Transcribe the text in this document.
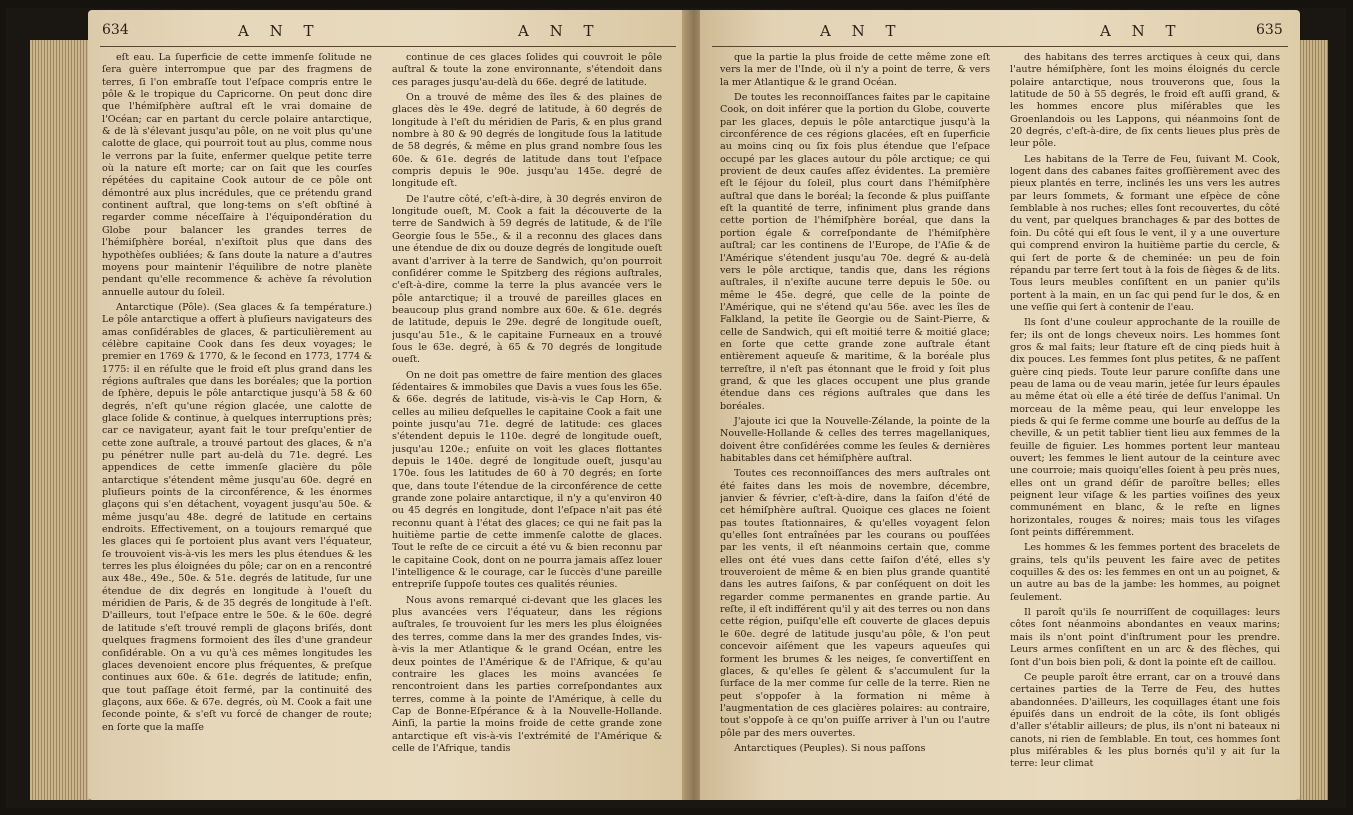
634	A N T	A N T

eſt eau. La ſuperficie de cette immenſe ſolitude ne ſera guère interrompue que par des fragmens de terres, ſi l'on embraſſe tout l'eſpace compris entre le pôle & le tropique du Capricorne. On peut donc dire que l'hémiſphère auſtral eſt le vrai domaine de l'Océan; car en partant du cercle polaire antarctique, & de là s'élevant jusqu'au pôle, on ne voit plus qu'une calotte de glace, qui pourroit tout au plus, comme nous le verrons par la ſuite, enfermer quelque petite terre où la nature eſt morte; car on ſait que les courſes répétées du capitaine Cook autour de ce pôle ont démontré aux plus incrédules, que ce prétendu grand continent auſtral, que long-tems on s'eſt obſtiné à regarder comme néceſſaire à l'équipondération du Globe pour balancer les grandes terres de l'hémiſphère boréal, n'exiſtoit plus que dans des hypothèſes oubliées; & ſans doute la nature a d'autres moyens pour maintenir l'équilibre de notre planète pendant qu'elle recommence & achève ſa révolution annuelle autour du ſoleil.

Antarctique (Pôle). (Sea glaces & ſa température.) Le pôle antarctique a offert à pluſieurs navigateurs des amas conſidérables de glaces, & particulièrement au célèbre capitaine Cook dans ſes deux voyages; le premier en 1769 & 1770, & le ſecond en 1773, 1774 & 1775: il en réſulte que le froid eſt plus grand dans les régions auſtrales que dans les boréales; que la portion de ſphère, depuis le pôle antarctique jusqu'à 58 & 60 degrés, n'eſt qu'une région glacée, une calotte de glace ſolide & continue, à quelques interruptions près; car ce navigateur, ayant fait le tour preſqu'entier de cette zone auſtrale, a trouvé partout des glaces, & n'a pu pénétrer nulle part au-delà du 71e. degré. Les appendices de cette immenſe glacière du pôle antarctique s'étendent même jusqu'au 60e. degré en pluſieurs points de la circonférence, & les énormes glaçons qui s'en détachent, voyagent jusqu'au 50e. & même jusqu'au 48e. degré de latitude en certains endroits. Effectivement, on a toujours remarqué que les glaces qui ſe portoient plus avant vers l'équateur, ſe trouvoient vis-à-vis les mers les plus étendues & les terres les plus éloignées du pôle; car on en a rencontré aux 48e., 49e., 50e. & 51e. degrés de latitude, ſur une étendue de dix degrés en longitude à l'oueſt du méridien de Paris, & de 35 degrés de longitude à l'eſt. D'ailleurs, tout l'eſpace entre le 50e. & le 60e. degré de latitude s'eſt trouvé rempli de glaçons briſés, dont quelques fragmens formoient des îles d'une grandeur conſidérable. On a vu qu'à ces mêmes longitudes les glaces devenoient encore plus fréquentes, & preſque continues aux 60e. & 61e. degrés de latitude; enfin, que tout paſſage étoit fermé, par la continuité des glaçons, aux 66e. & 67e. degrés, où M. Cook a fait une ſeconde pointe, & s'eſt vu forcé de changer de route; en ſorte que la maſſe

continue de ces glaces ſolides qui couvroit le pôle auſtral & toute la zone environnante, s'étendoit dans ces parages jusqu'au-delà du 66e. degré de latitude.

On a trouvé de même des îles & des plaines de glaces dès le 49e. degré de latitude, à 60 degrés de longitude à l'eſt du méridien de Paris, & en plus grand nombre à 80 & 90 degrés de longitude ſous la latitude de 58 degrés, & même en plus grand nombre ſous les 60e. & 61e. degrés de latitude dans tout l'eſpace compris depuis le 90e. jusqu'au 145e. degré de longitude eſt.

De l'autre côté, c'eſt-à-dire, à 30 degrés environ de longitude oueſt, M. Cook a fait la découverte de la terre de Sandwich à 59 degrés de latitude, & de l'île Georgie ſous le 55e., & il a reconnu des glaces dans une étendue de dix ou douze degrés de longitude oueſt avant d'arriver à la terre de Sandwich, qu'on pourroit conſidérer comme le Spitzberg des régions auſtrales, c'eſt-à-dire, comme la terre la plus avancée vers le pôle antarctique; il a trouvé de pareilles glaces en beaucoup plus grand nombre aux 60e. & 61e. degrés de latitude, depuis le 29e. degré de longitude oueſt, jusqu'au 51e., & le capitaine Furneaux en a trouvé ſous le 63e. degré, à 65 & 70 degrés de longitude oueſt.

On ne doit pas omettre de faire mention des glaces ſédentaires & immobiles que Davis a vues ſous les 65e. & 66e. degrés de latitude, vis-à-vis le Cap Horn, & celles au milieu deſquelles le capitaine Cook a fait une pointe jusqu'au 71e. degré de latitude: ces glaces s'étendent depuis le 110e. degré de longitude oueſt, jusqu'au 120e.; enſuite on voit les glaces flottantes depuis le 140e. degré de longitude oueſt, jusqu'au 170e. ſous les latitudes de 60 à 70 degrés; en ſorte que, dans toute l'étendue de la circonférence de cette grande zone polaire antarctique, il n'y a qu'environ 40 ou 45 degrés en longitude, dont l'eſpace n'ait pas été reconnu quant à l'état des glaces; ce qui ne fait pas la huitième partie de cette immenſe calotte de glaces. Tout le reſte de ce circuit a été vu & bien reconnu par le capitaine Cook, dont on ne pourra jamais aſſez louer l'intelligence & le courage, car le ſuccès d'une pareille entrepriſe ſuppoſe toutes ces qualités réunies.

Nous avons remarqué ci-devant que les glaces les plus avancées vers l'équateur, dans les régions auſtrales, ſe trouvoient ſur les mers les plus éloignées des terres, comme dans la mer des grandes Indes, vis-à-vis la mer Atlantique & le grand Océan, entre les deux pointes de l'Amérique & de l'Afrique, & qu'au contraire les glaces les moins avancées ſe rencontroient dans les parties correſpondantes aux terres, comme à la pointe de l'Amérique, à celle du Cap de Bonne-Eſpérance & à la Nouvelle-Hollande. Ainſi, la partie la moins froide de cette grande zone antarctique eſt vis-à-vis l'extrémité de l'Amérique & celle de l'Afrique, tandis

A N T	A N T	635

que la partie la plus froide de cette même zone eſt vers la mer de l'Inde, où il n'y a point de terre, & vers la mer Atlantique & le grand Océan.

De toutes les reconnoiſſances faites par le capitaine Cook, on doit inférer que la portion du Globe, couverte par les glaces, depuis le pôle antarctique jusqu'à la circonférence de ces régions glacées, eſt en ſuperficie au moins cinq ou ſix fois plus étendue que l'eſpace occupé par les glaces autour du pôle arctique; ce qui provient de deux cauſes aſſez évidentes. La première eſt le ſéjour du ſoleil, plus court dans l'hémiſphère auſtral que dans le boréal; la ſeconde & plus puiſſante eſt la quantité de terre, infiniment plus grande dans cette portion de l'hémiſphère boréal, que dans la portion égale & correſpondante de l'hémiſphère auſtral; car les continens de l'Europe, de l'Aſie & de l'Amérique s'étendent jusqu'au 70e. degré & au-delà vers le pôle arctique, tandis que, dans les régions auſtrales, il n'exiſte aucune terre depuis le 50e. ou même le 45e. degré, que celle de la pointe de l'Amérique, qui ne s'étend qu'au 56e. avec les îles de Falkland, la petite île Georgie ou de Saint-Pierre, & celle de Sandwich, qui eſt moitié terre & moitié glace; en ſorte que cette grande zone auſtrale étant entièrement aqueuſe & maritime, & la boréale plus terreſtre, il n'eſt pas étonnant que le froid y ſoit plus grand, & que les glaces occupent une plus grande étendue dans ces régions auſtrales que dans les boréales.

J'ajoute ici que la Nouvelle-Zélande, la pointe de la Nouvelle-Hollande & celles des terres magellaniques, doivent être conſidérées comme les ſeules & dernières habitables dans cet hémiſphère auſtral.

Toutes ces reconnoiſſances des mers auſtrales ont été faites dans les mois de novembre, décembre, janvier & février, c'eſt-à-dire, dans la ſaiſon d'été de cet hémiſphère auſtral. Quoique ces glaces ne ſoient pas toutes ſtationnaires, & qu'elles voyagent ſelon qu'elles ſont entraînées par les courans ou pouſſées par les vents, il eſt néanmoins certain que, comme elles ont été vues dans cette ſaiſon d'été, elles s'y trouveroient de même & en bien plus grande quantité dans les autres ſaiſons, & par conſéquent on doit les regarder comme permanentes en grande partie. Au reſte, il eſt indifférent qu'il y ait des terres ou non dans cette région, puiſqu'elle eſt couverte de glaces depuis le 60e. degré de latitude jusqu'au pôle, & l'on peut concevoir aiſément que les vapeurs aqueuſes qui forment les brumes & les neiges, ſe convertiſſent en glaces, & qu'elles ſe gèlent & s'accumulent ſur la ſurface de la mer comme ſur celle de la terre. Rien ne peut s'oppoſer à la formation ni même à l'augmentation de ces glacières polaires: au contraire, tout s'oppoſe à ce qu'on puiſſe arriver à l'un ou l'autre pôle par des mers ouvertes.

Antarctiques (Peuples). Si nous paſſons

des habitans des terres arctiques à ceux qui, dans l'autre hémiſphère, ſont les moins éloignés du cercle polaire antarctique, nous trouverons que, ſous la latitude de 50 à 55 degrés, le froid eſt auſſi grand, & les hommes encore plus miſérables que les Groenlandois ou les Lappons, qui néanmoins ſont de 20 degrés, c'eſt-à-dire, de ſix cents lieues plus près de leur pôle.

Les habitans de la Terre de Feu, ſuivant M. Cook, logent dans des cabanes faites groſſièrement avec des pieux plantés en terre, inclinés les uns vers les autres par leurs ſommets, & formant une eſpèce de cône ſemblable à nos ruches; elles ſont recouvertes, du côté du vent, par quelques branchages & par des bottes de foin. Du côté qui eſt ſous le vent, il y a une ouverture qui comprend environ la huitième partie du cercle, & qui ſert de porte & de cheminée: un peu de foin répandu par terre ſert tout à la fois de ſièges & de lits. Tous leurs meubles conſiſtent en un panier qu'ils portent à la main, en un ſac qui pend ſur le dos, & en une veſſie qui ſert à contenir de l'eau.

Ils ſont d'une couleur approchante de la rouille de fer; ils ont de longs cheveux noirs. Les hommes ſont gros & mal faits; leur ſtature eſt de cinq pieds huit à dix pouces. Les femmes ſont plus petites, & ne paſſent guère cinq pieds. Toute leur parure conſiſte dans une peau de lama ou de veau marin, jetée ſur leurs épaules au même état où elle a été tirée de deſſus l'animal. Un morceau de la même peau, qui leur enveloppe les pieds & qui ſe ferme comme une bourſe au deſſus de la cheville, & un petit tablier tient lieu aux femmes de la feuille de figuier. Les hommes portent leur manteau ouvert; les femmes le lient autour de la ceinture avec une courroie; mais quoiqu'elles ſoient à peu près nues, elles ont un grand déſir de paroître belles; elles peignent leur viſage & les parties voiſines des yeux communément en blanc, & le reſte en lignes horizontales, rouges & noires; mais tous les viſages ſont peints différemment.

Les hommes & les femmes portent des bracelets de grains, tels qu'ils peuvent les faire avec de petites coquilles & des os: les femmes en ont un au poignet, & un autre au bas de la jambe: les hommes, au poignet ſeulement.

Il paroît qu'ils ſe nourriſſent de coquillages: leurs côtes ſont néanmoins abondantes en veaux marins; mais ils n'ont point d'inſtrument pour les prendre. Leurs armes conſiſtent en un arc & des flèches, qui ſont d'un bois bien poli, & dont la pointe eſt de caillou.

Ce peuple paroît être errant, car on a trouvé dans certaines parties de la Terre de Feu, des huttes abandonnées. D'ailleurs, les coquillages étant une fois épuiſés dans un endroit de la côte, ils ſont obligés d'aller s'établir ailleurs; de plus, ils n'ont ni bateaux ni canots, ni rien de ſemblable. En tout, ces hommes ſont plus miſérables & les plus bornés qu'il y ait ſur la terre: leur climat
